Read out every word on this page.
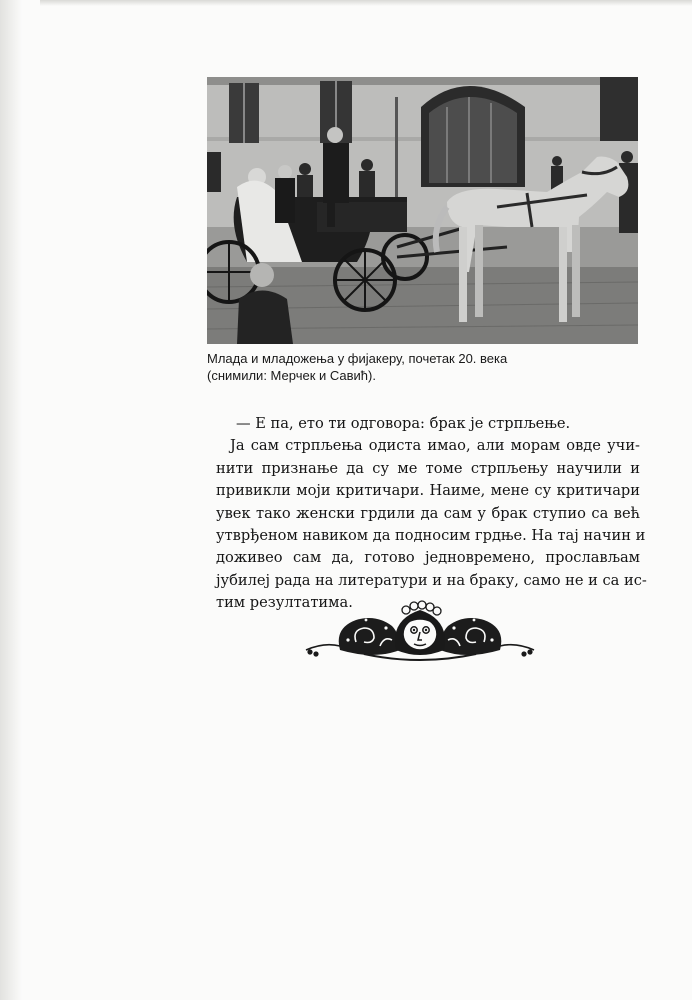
Млада и младожења у фијакеру, почетак 20. века
(снимили: Мерчек и Савић).
— Е па, ето ти одговора: брак је стрпљење.
Ја сам стрпљења одиста имао, али морам овде учи-
нити признање да су ме томе стрпљењу научили и
привикли моји критичари. Наиме, мене су критичари
увек тако женски грдили да сам у брак ступио са већ
утврђеном навиком да подносим грдње. На тај начин и
доживео сам да, готово једновремено, прослављам
јубилеј рада на литератури и на браку, само не и са ис-
тим резултатима.
